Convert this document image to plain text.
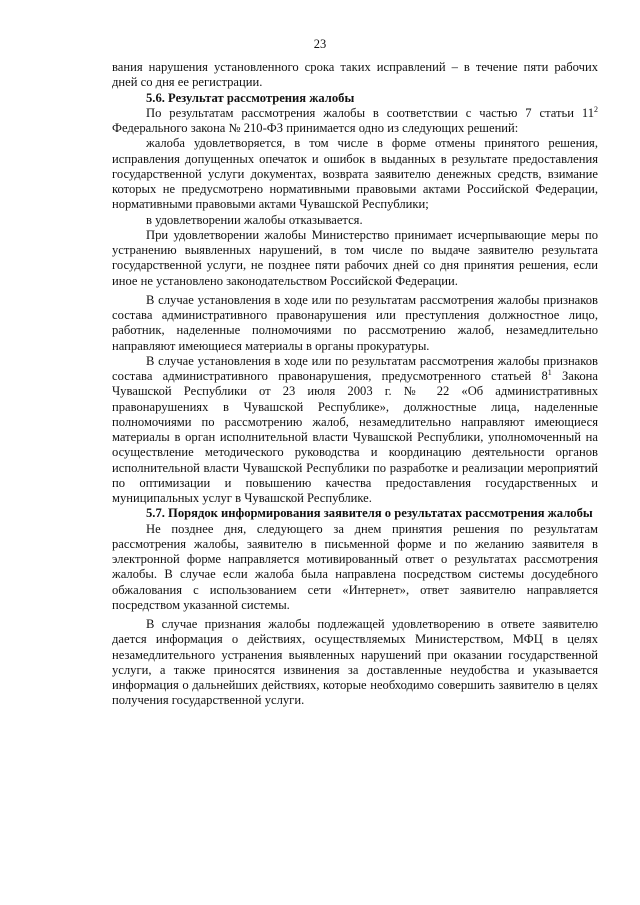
23

вания нарушения установленного срока таких исправлений – в течение пяти рабочих дней со дня ее регистрации.

5.6. Результат рассмотрения жалобы

По результатам рассмотрения жалобы в соответствии с частью 7 статьи $11^2$ Федерального закона № 210-ФЗ принимается одно из следующих решений:

жалоба удовлетворяется, в том числе в форме отмены принятого решения, исправления допущенных опечаток и ошибок в выданных в результате предоставления государственной услуги документах, возврата заявителю денежных средств, взимание которых не предусмотрено нормативными правовыми актами Российской Федерации, нормативными правовыми актами Чувашской Республики;

в удовлетворении жалобы отказывается.

При удовлетворении жалобы Министерство принимает исчерпывающие меры по устранению выявленных нарушений, в том числе по выдаче заявителю результата государственной услуги, не позднее пяти рабочих дней со дня принятия решения, если иное не установлено законодательством Российской Федерации.

В случае установления в ходе или по результатам рассмотрения жалобы признаков состава административного правонарушения или преступления должностное лицо, работник, наделенные полномочиями по рассмотрению жалоб, незамедлительно направляют имеющиеся материалы в органы прокуратуры.

В случае установления в ходе или по результатам рассмотрения жалобы признаков состава административного правонарушения, предусмотренного статьей $8^1$ Закона Чувашской Республики от 23 июля 2003 г. № 22 «Об административных правонарушениях в Чувашской Республике», должностные лица, наделенные полномочиями по рассмотрению жалоб, незамедлительно направляют имеющиеся материалы в орган исполнительной власти Чувашской Республики, уполномоченный на осуществление методического руководства и координацию деятельности органов исполнительной власти Чувашской Республики по разработке и реализации мероприятий по оптимизации и повышению качества предоставления государственных и муниципальных услуг в Чувашской Республике.

5.7. Порядок информирования заявителя о результатах рассмотрения жалобы

Не позднее дня, следующего за днем принятия решения по результатам рассмотрения жалобы, заявителю в письменной форме и по желанию заявителя в электронной форме направляется мотивированный ответ о результатах рассмотрения жалобы. В случае если жалоба была направлена посредством системы досудебного обжалования с использованием сети «Интернет», ответ заявителю направляется посредством указанной системы.

В случае признания жалобы подлежащей удовлетворению в ответе заявителю дается информация о действиях, осуществляемых Министерством, МФЦ в целях незамедлительного устранения выявленных нарушений при оказании государственной услуги, а также приносятся извинения за доставленные неудобства и указывается информация о дальнейших действиях, которые необходимо совершить заявителю в целях получения государственной услуги.
